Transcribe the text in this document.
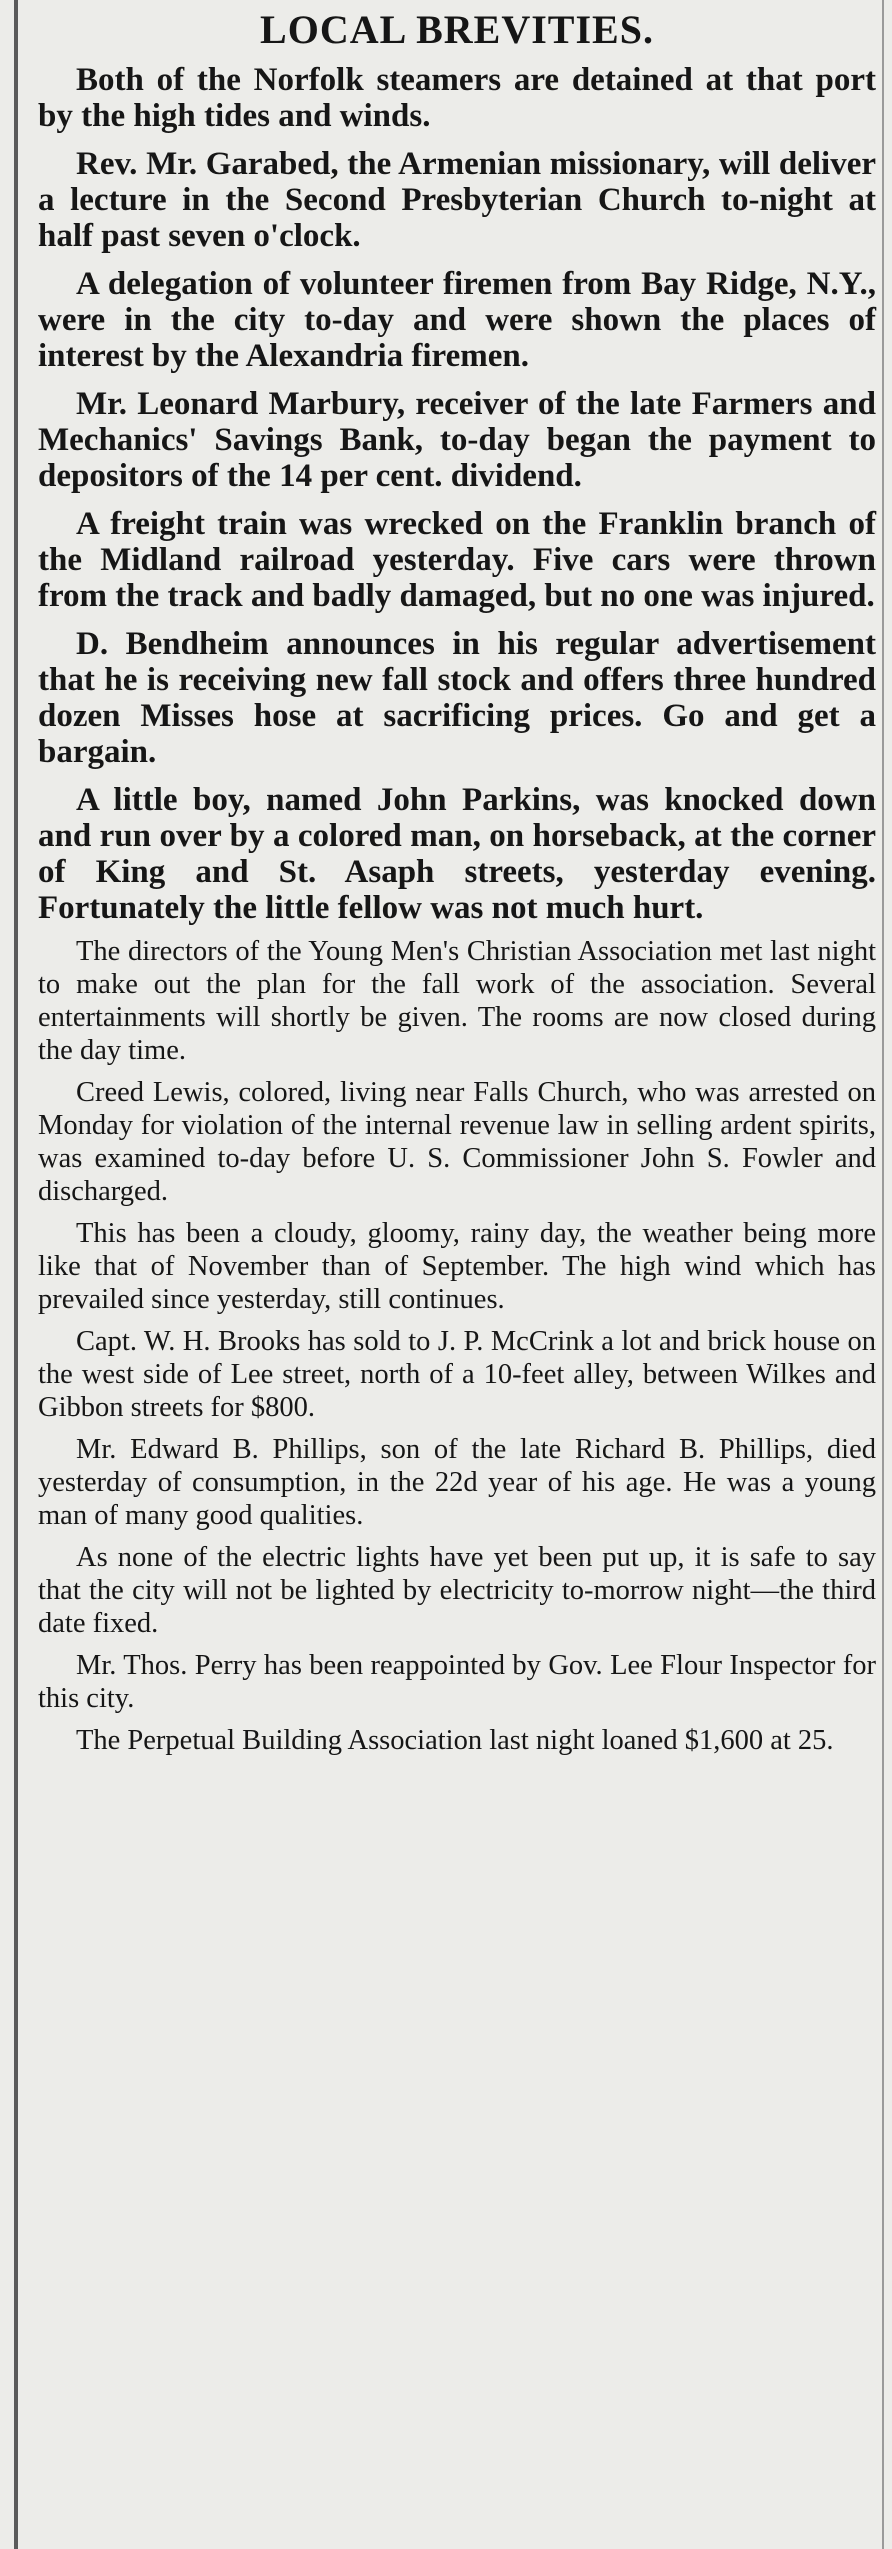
LOCAL BREVITIES.

Both of the Norfolk steamers are detained at that port by the high tides and winds.

Rev. Mr. Garabed, the Armenian missionary, will deliver a lecture in the Second Presbyterian Church to-night at half past seven o'clock.

A delegation of volunteer firemen from Bay Ridge, N.Y., were in the city to-day and were shown the places of interest by the Alexandria firemen.

Mr. Leonard Marbury, receiver of the late Farmers and Mechanics' Savings Bank, to-day began the payment to depositors of the 14 per cent. dividend.

A freight train was wrecked on the Franklin branch of the Midland railroad yesterday. Five cars were thrown from the track and badly damaged, but no one was injured.

D. Bendheim announces in his regular advertisement that he is receiving new fall stock and offers three hundred dozen Misses hose at sacrificing prices. Go and get a bargain.

A little boy, named John Parkins, was knocked down and run over by a colored man, on horseback, at the corner of King and St. Asaph streets, yesterday evening. Fortunately the little fellow was not much hurt.

The directors of the Young Men's Christian Association met last night to make out the plan for the fall work of the association. Several entertainments will shortly be given. The rooms are now closed during the day time.

Creed Lewis, colored, living near Falls Church, who was arrested on Monday for violation of the internal revenue law in selling ardent spirits, was examined to-day before U. S. Commissioner John S. Fowler and discharged.

This has been a cloudy, gloomy, rainy day, the weather being more like that of November than of September. The high wind which has prevailed since yesterday, still continues.

Capt. W. H. Brooks has sold to J. P. McCrink a lot and brick house on the west side of Lee street, north of a 10-feet alley, between Wilkes and Gibbon streets for $800.

Mr. Edward B. Phillips, son of the late Richard B. Phillips, died yesterday of consumption, in the 22d year of his age. He was a young man of many good qualities.

As none of the electric lights have yet been put up, it is safe to say that the city will not be lighted by electricity to-morrow night—the third date fixed.

Mr. Thos. Perry has been reappointed by Gov. Lee Flour Inspector for this city.

The Perpetual Building Association last night loaned $1,600 at 25.
